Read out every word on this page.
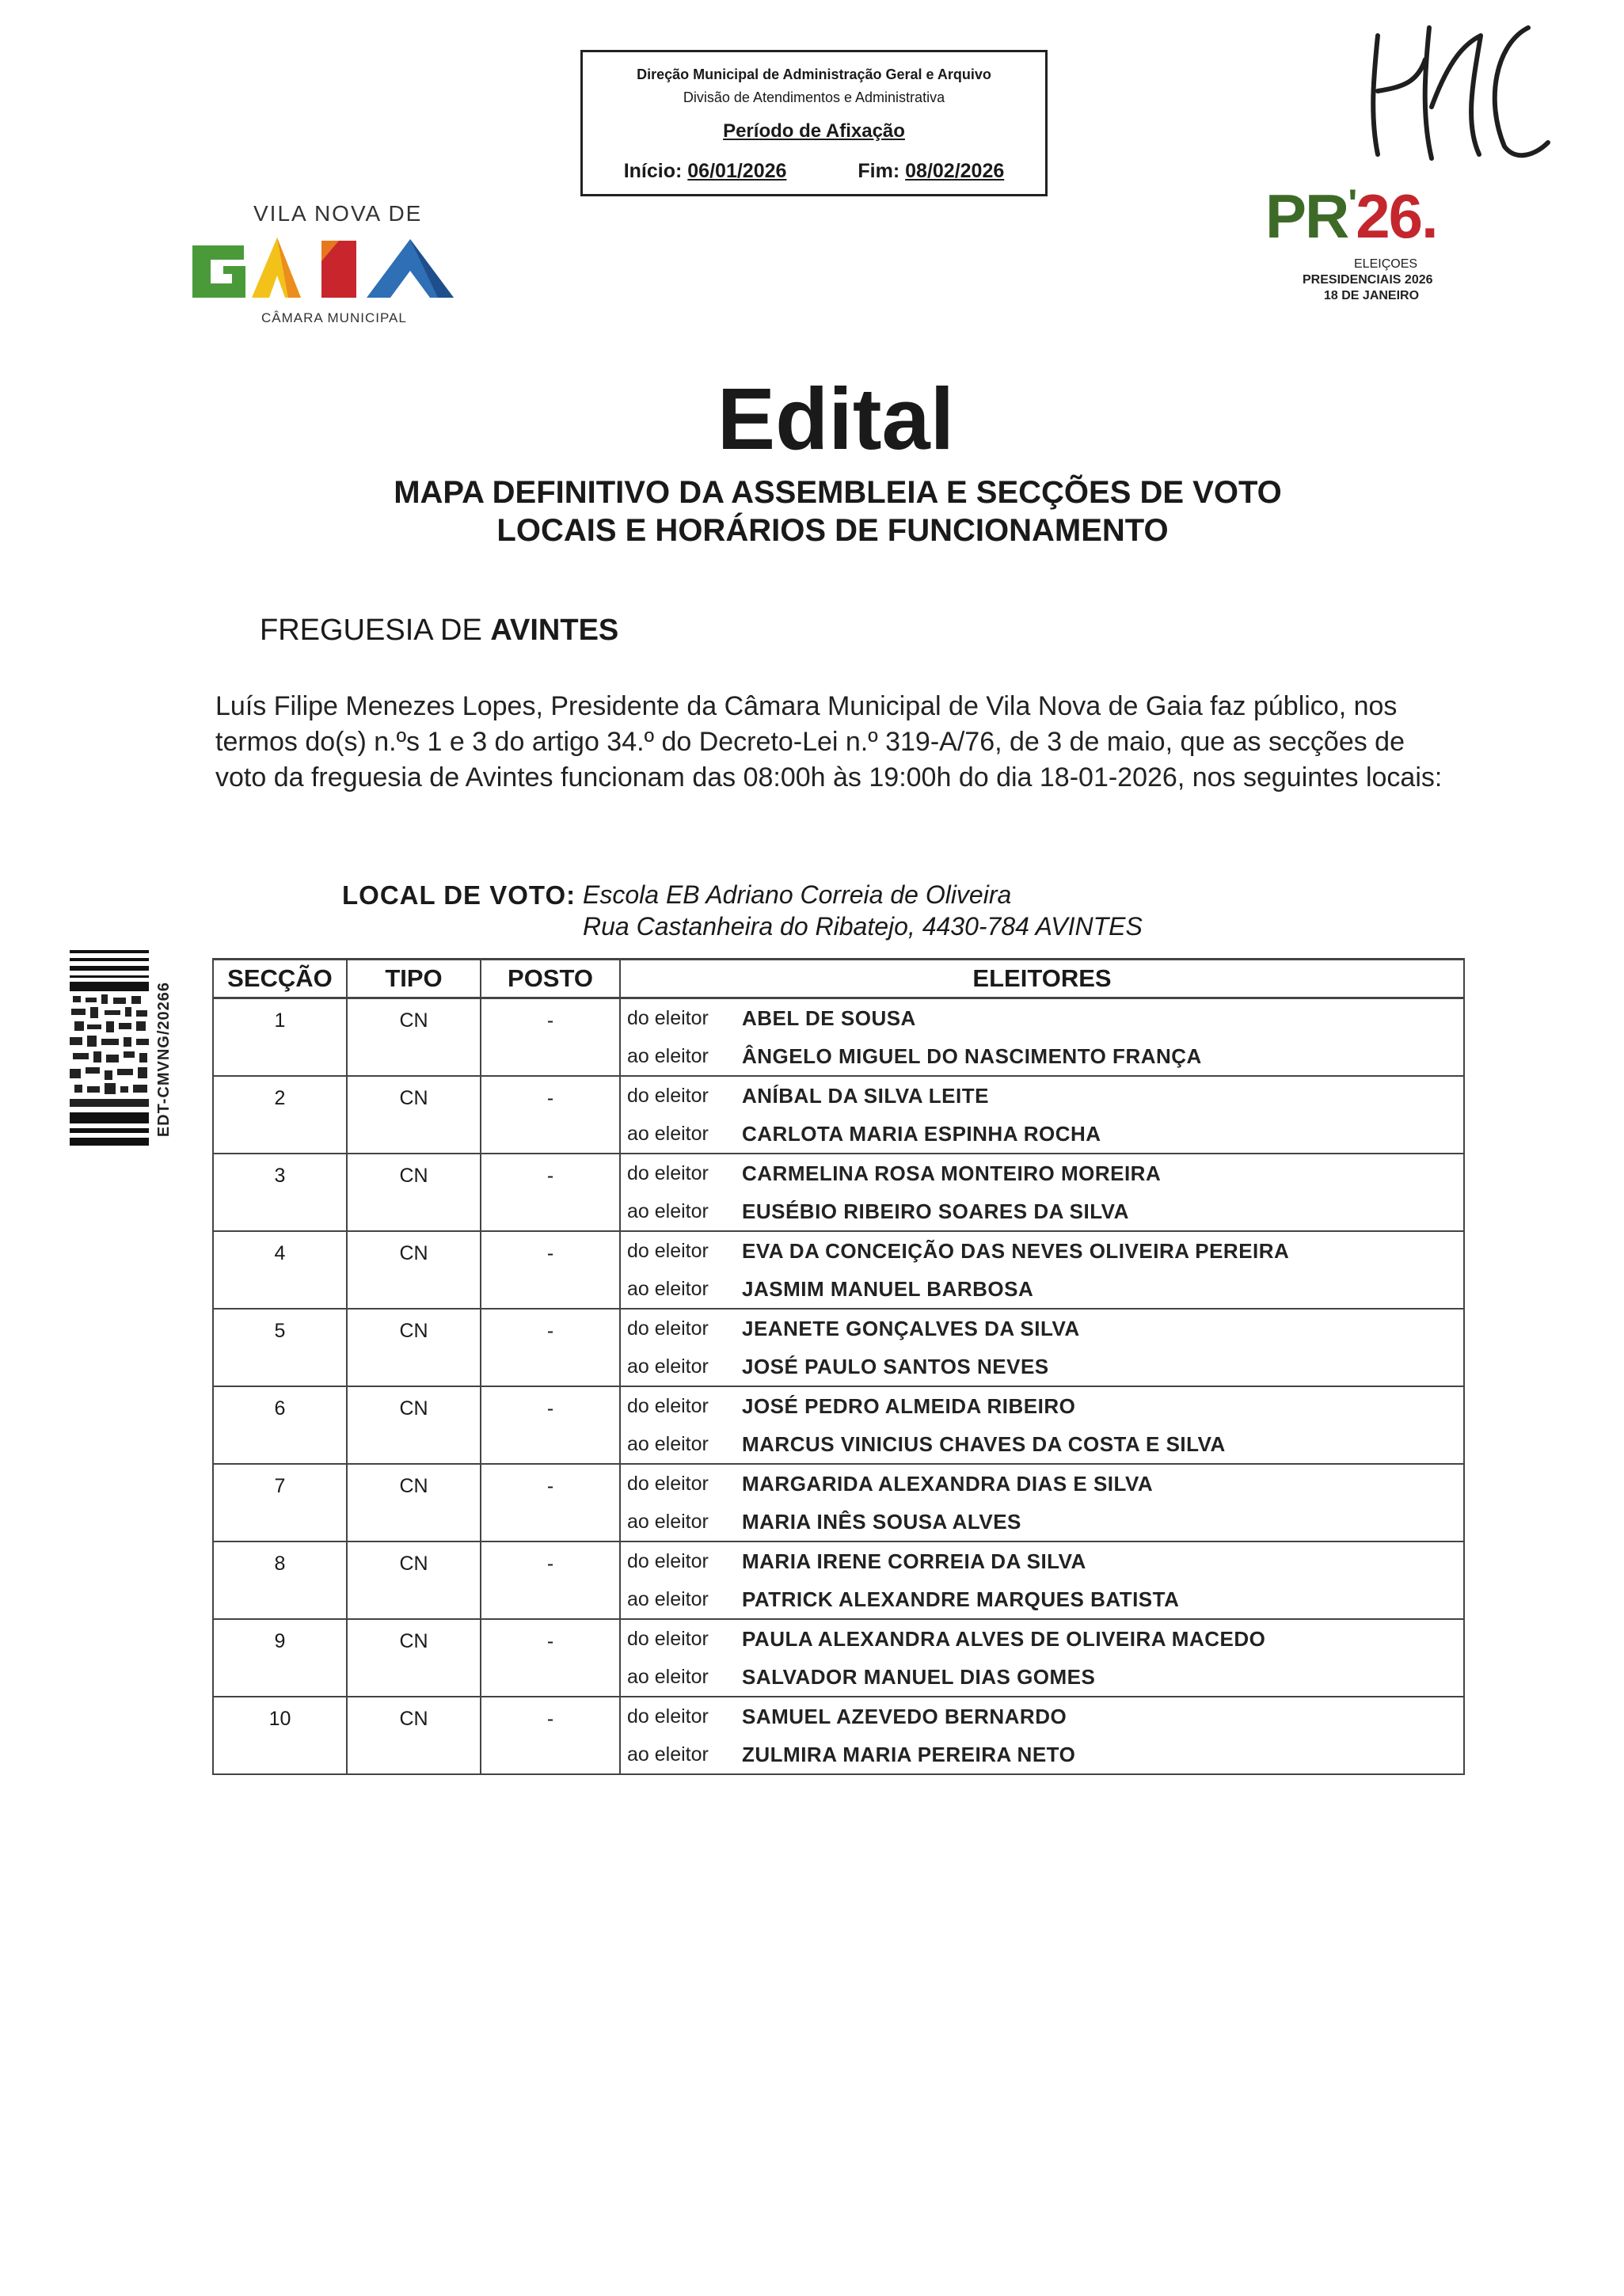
Direção Municipal de Administração Geral e Arquivo
Divisão de Atendimentos e Administrativa
Período de Afixação
Início: 06/01/2026	Fim: 08/02/2026
VILA NOVA DE
CÂMARA MUNICIPAL
PR'26.
ELEIÇOES
PRESIDENCIAIS 2026
18 DE JANEIRO
Edital
MAPA DEFINITIVO DA ASSEMBLEIA E SECÇÕES DE VOTO
LOCAIS E HORÁRIOS DE FUNCIONAMENTO
FREGUESIA DE AVINTES
Luís Filipe Menezes Lopes, Presidente da Câmara Municipal de Vila Nova de Gaia faz público, nos termos do(s) n.ºs 1 e 3 do artigo 34.º do Decreto-Lei n.º 319-A/76, de 3 de maio, que as secções de voto da freguesia de Avintes funcionam das 08:00h às 19:00h do dia 18-01-2026, nos seguintes locais:
LOCAL DE VOTO: Escola EB Adriano Correia de Oliveira
Rua Castanheira do Ribatejo, 4430-784 AVINTES
EDT-CMVNG/20266
SECÇÃO	TIPO	POSTO	ELEITORES

1	CN	-	do eleitor ABEL DE SOUSA
ao eleitor ÂNGELO MIGUEL DO NASCIMENTO FRANÇA

2	CN	-	do eleitor ANÍBAL DA SILVA LEITE
ao eleitor CARLOTA MARIA ESPINHA ROCHA

3	CN	-	do eleitor CARMELINA ROSA MONTEIRO MOREIRA
ao eleitor EUSÉBIO RIBEIRO SOARES DA SILVA

4	CN	-	do eleitor EVA DA CONCEIÇÃO DAS NEVES OLIVEIRA PEREIRA
ao eleitor JASMIM MANUEL BARBOSA

5	CN	-	do eleitor JEANETE GONÇALVES DA SILVA
ao eleitor JOSÉ PAULO SANTOS NEVES

6	CN	-	do eleitor JOSÉ PEDRO ALMEIDA RIBEIRO
ao eleitor MARCUS VINICIUS CHAVES DA COSTA E SILVA

7	CN	-	do eleitor MARGARIDA ALEXANDRA DIAS E SILVA
ao eleitor MARIA INÊS SOUSA ALVES

8	CN	-	do eleitor MARIA IRENE CORREIA DA SILVA
ao eleitor PATRICK ALEXANDRE MARQUES BATISTA

9	CN	-	do eleitor PAULA ALEXANDRA ALVES DE OLIVEIRA MACEDO
ao eleitor SALVADOR MANUEL DIAS GOMES

10	CN	-	do eleitor SAMUEL AZEVEDO BERNARDO
ao eleitor ZULMIRA MARIA PEREIRA NETO
